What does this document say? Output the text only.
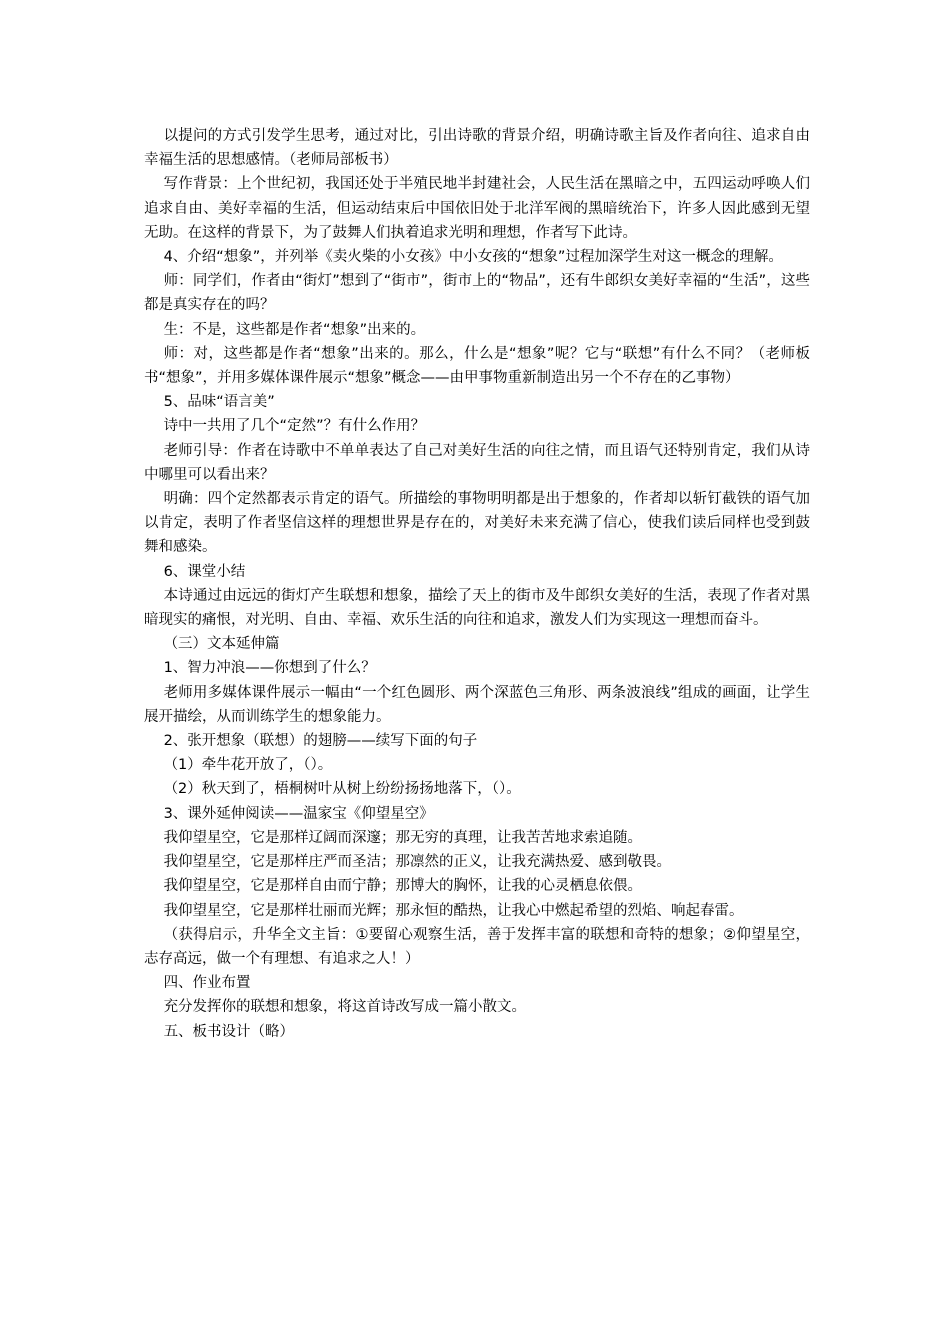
以提问的方式引发学生思考，通过对比，引出诗歌的背景介绍，明确诗歌主旨及作者向往、追求自由幸福生活的思想感情。（老师局部板书）

写作背景：上个世纪初，我国还处于半殖民地半封建社会，人民生活在黑暗之中，五四运动呼唤人们追求自由、美好幸福的生活，但运动结束后中国依旧处于北洋军阀的黑暗统治下，许多人因此感到无望无助。在这样的背景下，为了鼓舞人们执着追求光明和理想，作者写下此诗。

4、介绍“想象”，并列举《卖火柴的小女孩》中小女孩的“想象”过程加深学生对这一概念的理解。

师：同学们，作者由“街灯”想到了“街市”，街市上的“物品”，还有牛郎织女美好幸福的“生活”，这些都是真实存在的吗？

生：不是，这些都是作者“想象”出来的。

师：对，这些都是作者“想象”出来的。那么，什么是“想象”呢？它与“联想”有什么不同？（老师板书“想象”，并用多媒体课件展示“想象”概念——由甲事物重新制造出另一个不存在的乙事物）

5、品味“语言美”

诗中一共用了几个“定然”？有什么作用？

老师引导：作者在诗歌中不单单表达了自己对美好生活的向往之情，而且语气还特别肯定，我们从诗中哪里可以看出来？

明确：四个定然都表示肯定的语气。所描绘的事物明明都是出于想象的，作者却以斩钉截铁的语气加以肯定，表明了作者坚信这样的理想世界是存在的，对美好未来充满了信心，使我们读后同样也受到鼓舞和感染。

6、课堂小结

本诗通过由远远的街灯产生联想和想象，描绘了天上的街市及牛郎织女美好的生活，表现了作者对黑暗现实的痛恨，对光明、自由、幸福、欢乐生活的向往和追求，激发人们为实现这一理想而奋斗。

（三）文本延伸篇

1、智力冲浪——你想到了什么？

老师用多媒体课件展示一幅由“一个红色圆形、两个深蓝色三角形、两条波浪线”组成的画面，让学生展开描绘，从而训练学生的想象能力。

2、张开想象（联想）的翅膀——续写下面的句子

（1）牵牛花开放了，（）。

（2）秋天到了，梧桐树叶从树上纷纷扬扬地落下，（）。

3、课外延伸阅读——温家宝《仰望星空》

我仰望星空，它是那样辽阔而深邃；那无穷的真理，让我苦苦地求索追随。

我仰望星空，它是那样庄严而圣洁；那凛然的正义，让我充满热爱、感到敬畏。

我仰望星空，它是那样自由而宁静；那博大的胸怀，让我的心灵栖息依偎。

我仰望星空，它是那样壮丽而光辉；那永恒的酷热，让我心中燃起希望的烈焰、响起春雷。

（获得启示，升华全文主旨：①要留心观察生活，善于发挥丰富的联想和奇特的想象；②仰望星空，志存高远，做一个有理想、有追求之人！）

四、作业布置

充分发挥你的联想和想象，将这首诗改写成一篇小散文。

五、板书设计（略）
